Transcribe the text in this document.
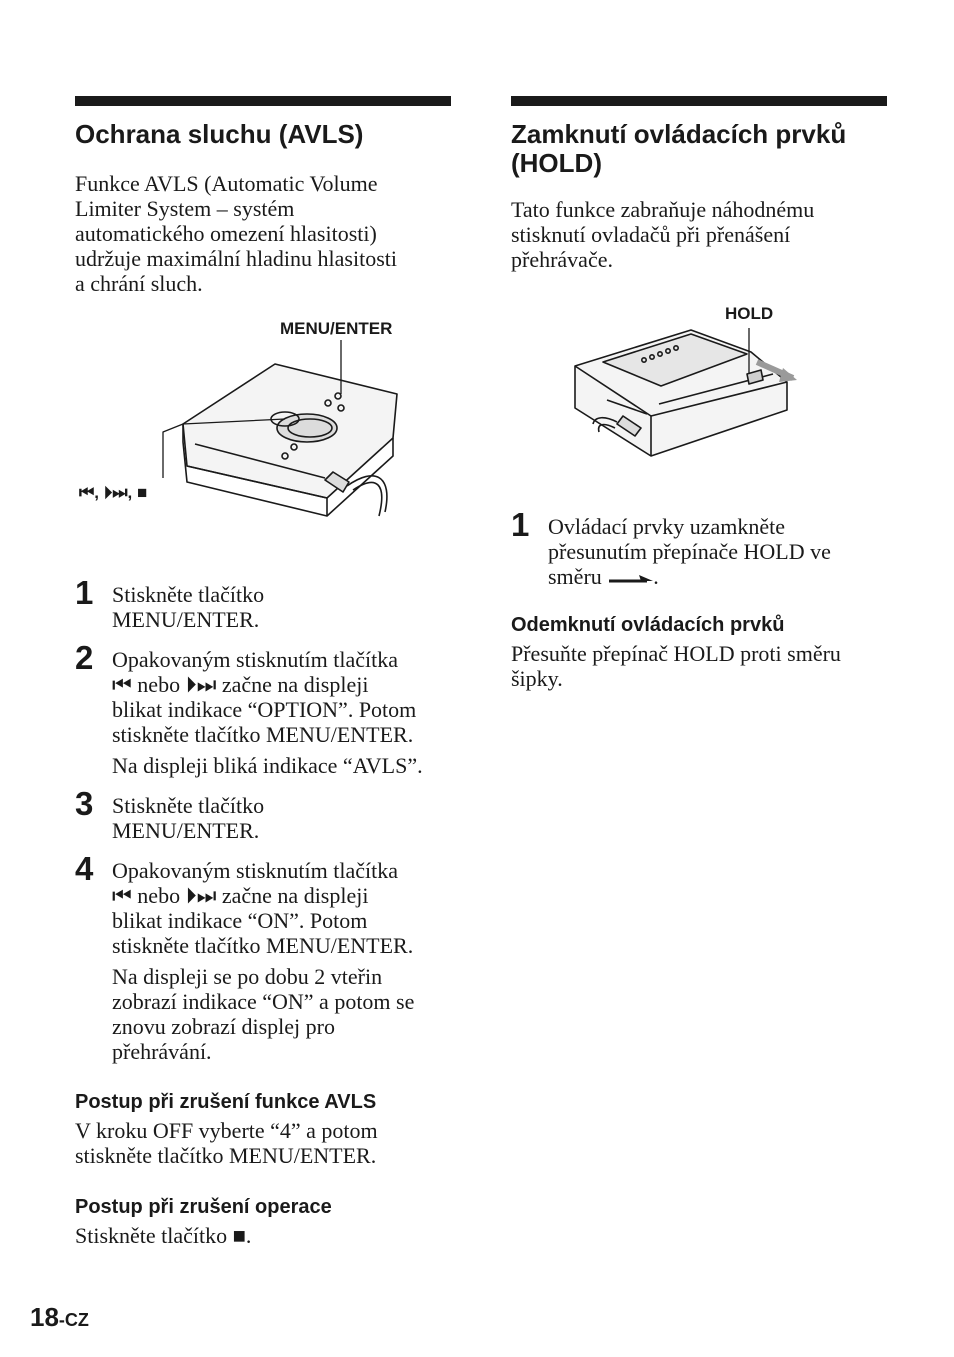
Ochrana sluchu (AVLS)

Funkce AVLS (Automatic Volume
Limiter System – systém
automatického omezení hlasitosti)
udržuje maximální hladinu hlasitosti
a chrání sluch.

MENU/ENTER
⏮, ⏵⏭, ■
1 Stiskněte tlačítko
MENU/ENTER.
2 Opakovaným stisknutím tlačítka
⏮ nebo ⏵⏭ začne na displeji
blikat indikace “OPTION”. Potom
stiskněte tlačítko MENU/ENTER.
Na displeji bliká indikace “AVLS”.
3 Stiskněte tlačítko
MENU/ENTER.
4 Opakovaným stisknutím tlačítka
⏮ nebo ⏵⏭ začne na displeji
blikat indikace “ON”. Potom
stiskněte tlačítko MENU/ENTER.
Na displeji se po dobu 2 vteřin
zobrazí indikace “ON” a potom se
znovu zobrazí displej pro
přehrávání.
Postup při zrušení funkce AVLS

V kroku OFF vyberte “4” a potom
stiskněte tlačítko MENU/ENTER.

Postup při zrušení operace

Stiskněte tlačítko ■.

Zamknutí ovládacích prvků
(HOLD)

Tato funkce zabraňuje náhodnému
stisknutí ovladačů při přenášení
přehrávače.

HOLD
1 Ovládací prvky uzamkněte
přesunutím přepínače HOLD ve
směru .
Odemknutí ovládacích prvků

Přesuňte přepínač HOLD proti směru
šipky.

18-CZ
